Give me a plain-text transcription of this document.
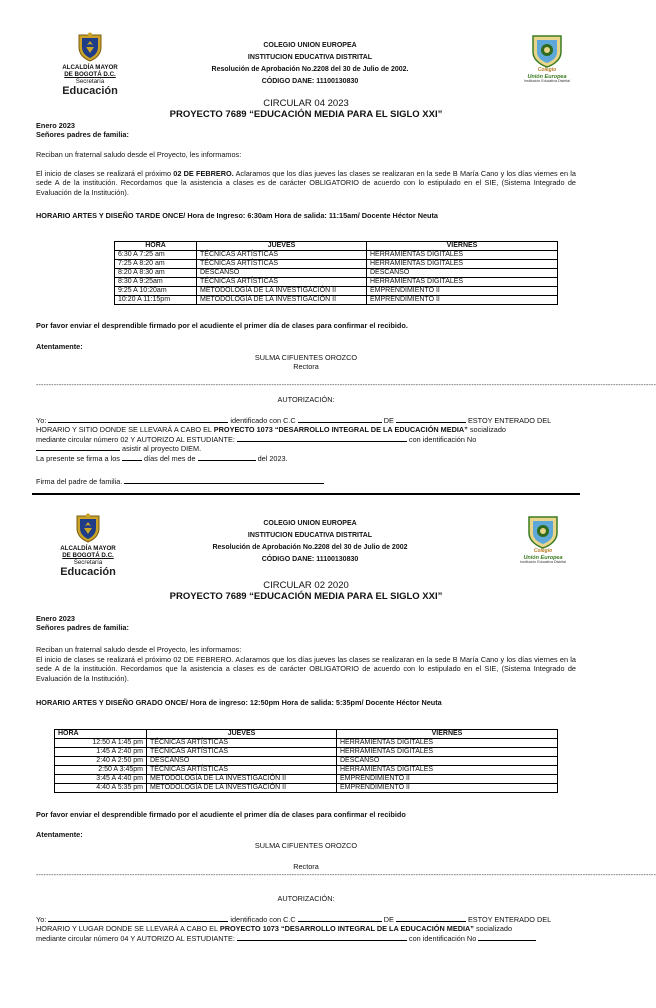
ALCALDÍA MAYOR
DE BOGOTÁ D.C.
Secretaría
Educación
COLEGIO UNION EUROPEA
INSTITUCION EDUCATIVA DISTRITAL
Resolución de Aprobación No.2208 del 30 de Julio de 2002.
CÓDIGO DANE: 11100130830
Colegio
Unión Europea
Institución Educativa Distrital
CIRCULAR 04 2023
PROYECTO 7689 “EDUCACIÓN MEDIA PARA EL SIGLO XXI”
Enero 2023
Señores padres de familia:
Reciban un fraternal saludo desde el Proyecto, les informamos:
El inicio de clases se realizará el próximo 02 DE FEBRERO. Aclaramos que los días jueves las clases se realizaran en la sede B María Cano y los días viernes en la sede A de la institución. Recordamos que la asistencia a clases es de carácter OBLIGATORIO de acuerdo con lo estipulado en el SIE, (Sistema Integrado de Evaluación de la Institución).
HORARIO ARTES Y DISEÑO TARDE ONCE/ Hora de Ingreso: 6:30am Hora de salida: 11:15am/ Docente Héctor Neuta
HORA	JUEVES	VIERNES
6:30 A 7:25 am	TÉCNICAS ARTÍSTICAS	HERRAMIENTAS DIGITALES
7:25 A 8:20 am	TÉCNICAS ARTÍSTICAS	HERRAMIENTAS DIGITALES
8:20 A 8:30 am	DESCANSO	DESCANSO
8:30 A 9:25am	TÉCNICAS ARTÍSTICAS	HERRAMIENTAS DIGITALES
9:25 A 10:20am	METODOLOGÍA DE LA INVESTIGACIÓN II	EMPRENDIMIENTO II
10:20 A 11:15pm	METODOLOGÍA DE LA INVESTIGACIÓN II	EMPRENDIMIENTO II
Por favor enviar el desprendible firmado por el acudiente el primer día de clases para confirmar el recibido.
Atentamente:
SULMA CIFUENTES OROZCO
Rectora
-----------------------------------------------------------------------------------------------------------------------------------------------------------------------------------------------------------------------------------------------------
AUTORIZACIÓN:
Yo:	identificado con C.C	DE	ESTOY ENTERADO DEL
HORARIO Y SITIO DONDE SE LLEVARÁ A CABO EL PROYECTO 1073 “DESARROLLO INTEGRAL DE LA EDUCACIÓN MEDIA” socializado
mediante circular número 02 Y AUTORIZO AL ESTUDIANTE:	con identificación No
asistir al proyecto DIEM.
La presente se firma a los	días del mes de	del 2023.
Firma del padre de familia.
ALCALDÍA MAYOR
DE BOGOTÁ D.C.
Secretaría
Educación
COLEGIO UNION EUROPEA
INSTITUCION EDUCATIVA DISTRITAL
Resolución de Aprobación No.2208 del 30 de Julio de 2002
CÓDIGO DANE: 11100130830
Colegio
Unión Europea
Institución Educativa Distrital
CIRCULAR 02 2020
PROYECTO 7689 “EDUCACIÓN MEDIA PARA EL SIGLO XXI”
Enero 2023
Señores padres de familia:
Reciban un fraternal saludo desde el Proyecto, les informamos:
El inicio de clases se realizará el próximo 02 DE FEBRERO. Aclaramos que los días jueves las clases se realizaran en la sede B María Cano y los días viernes en la sede A de la institución. Recordamos que la asistencia a clases es de carácter OBLIGATORIO de acuerdo con lo estipulado en el SIE, (Sistema Integrado de Evaluación de la Institución).
HORARIO ARTES Y DISEÑO GRADO ONCE/ Hora de ingreso: 12:50pm Hora de salida: 5:35pm/ Docente Héctor Neuta
HORA	JUEVES	VIERNES
12:50 A 1:45 pm	TÉCNICAS ARTÍSTICAS	HERRAMIENTAS DIGITALES
1:45 A 2:40 pm	TÉCNICAS ARTÍSTICAS	HERRAMIENTAS DIGITALES
2:40 A 2:50 pm	DESCANSO	DESCANSO
2:50 A 3:45pm	TÉCNICAS ARTÍSTICAS	HERRAMIENTAS DIGITALES
3:45 A 4:40 pm	METODOLOGÍA DE LA INVESTIGACIÓN II	EMPRENDIMIENTO II
4:40 A 5:35 pm	METODOLOGÍA DE LA INVESTIGACIÓN II	EMPRENDIMIENTO II
Por favor enviar el desprendible firmado por el acudiente el primer día de clases para confirmar el recibido
Atentamente:
SULMA CIFUENTES OROZCO
Rectora
-----------------------------------------------------------------------------------------------------------------------------------------------------------------------------------------------------------------------------------------------------
AUTORIZACIÓN:
Yo:	identificado con C.C	DE	ESTOY ENTERADO DEL
HORARIO Y LUGAR DONDE SE LLEVARÁ A CABO EL PROYECTO 1073 “DESARROLLO INTEGRAL DE LA EDUCACIÓN MEDIA” socializado
mediante circular número 04 Y AUTORIZO AL ESTUDIANTE:	con identificación No
